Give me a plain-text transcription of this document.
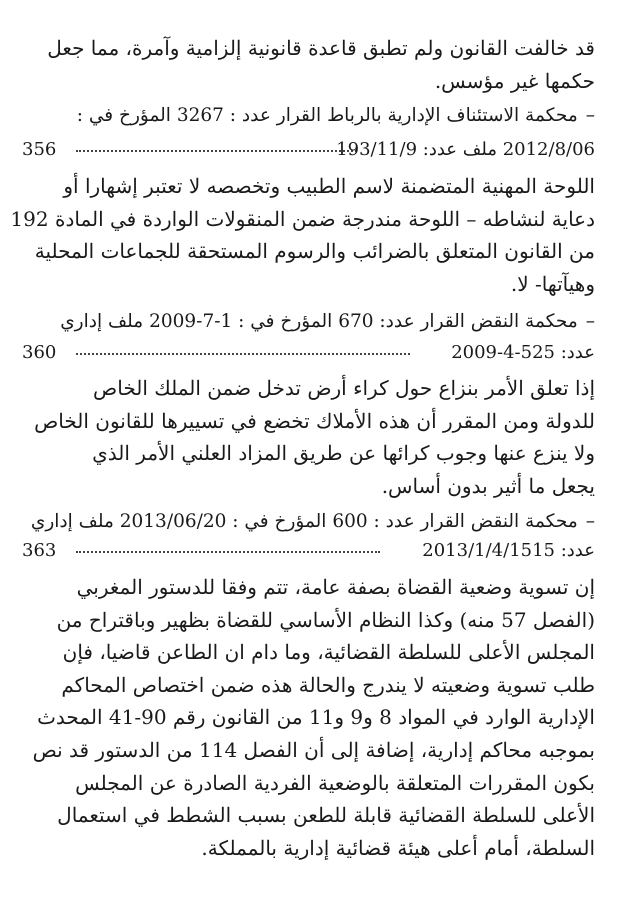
قد خالفت القانون ولم تطبق قاعدة قانونية إلزامية وآمرة، مما جعل
حكمها غير مؤسس.

–محكمة الاستئناف الإدارية بالرباط القرار عدد : 3267 المؤرخ في :
356	2012/8/06 ملف عدد: 193/11/9

اللوحة المهنية المتضمنة لاسم الطبيب وتخصصه لا تعتبر إشهارا أو
دعاية لنشاطه – اللوحة مندرجة ضمن المنقولات الواردة في المادة 192
من القانون المتعلق بالضرائب والرسوم المستحقة للجماعات المحلية
وهيآتها- لا.

–محكمة النقض القرار عدد: 670 المؤرخ في : 1-7-2009 ملف إداري
360	عدد: 525-4-2009

إذا تعلق الأمر بنزاع حول كراء أرض تدخل ضمن الملك الخاص
للدولة ومن المقرر أن هذه الأملاك تخضع في تسييرها للقانون الخاص
ولا ينزع عنها وجوب كرائها عن طريق المزاد العلني الأمر الذي
يجعل ما أثير بدون أساس.

–محكمة النقض القرار عدد : 600 المؤرخ في : 2013/06/20 ملف إداري
363	عدد: 2013/1/4/1515

إن تسوية وضعية القضاة بصفة عامة، تتم وفقا للدستور المغربي
(الفصل 57 منه) وكذا النظام الأساسي للقضاة بظهير وباقتراح من
المجلس الأعلى للسلطة القضائية، وما دام ان الطاعن قاضيا، فإن
طلب تسوية وضعيته لا يندرج والحالة هذه ضمن اختصاص المحاكم
الإدارية الوارد في المواد 8 و9 و11 من القانون رقم 90-41 المحدث
بموجبه محاكم إدارية، إضافة إلى أن الفصل 114 من الدستور قد نص
بكون المقررات المتعلقة بالوضعية الفردية الصادرة عن المجلس
الأعلى للسلطة القضائية قابلة للطعن بسبب الشطط في استعمال
السلطة، أمام أعلى هيئة قضائية إدارية بالمملكة.
